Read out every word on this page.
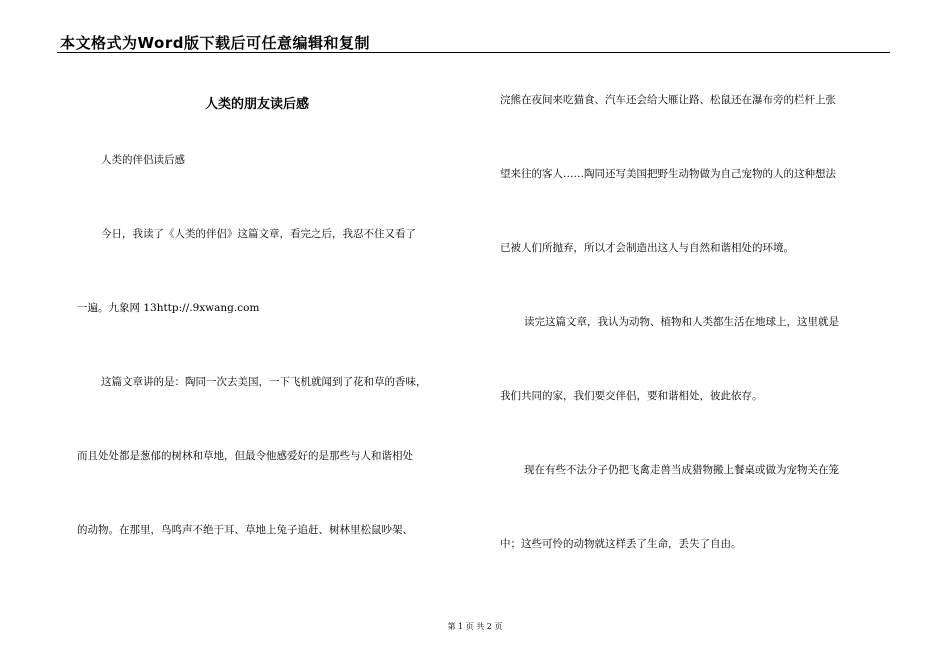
本文格式为Word版下载后可任意编辑和复制
人类的朋友读后感
人类的伴侣读后感
今日，我读了《人类的伴侣》这篇文章，看完之后，我忍不住又看了
一遍。九象网 13http://.9xwang.com
这篇文章讲的是：陶同一次去美国，一下飞机就闻到了花和草的香味，
而且处处都是葱郁的树林和草地，但最令他感爱好的是那些与人和谐相处
的动物。在那里，鸟鸣声不绝于耳、草地上兔子追赶、树林里松鼠吵架、
浣熊在夜间来吃猫食、汽车还会给大雁让路、松鼠还在瀑布旁的栏杆上张
望来往的客人……陶同还写美国把野生动物做为自己宠物的人的这种想法
已被人们所抛弃，所以才会制造出这人与自然和谐相处的环境。
读完这篇文章，我认为动物、植物和人类都生活在地球上，这里就是
我们共同的家，我们要交伴侣，要和谐相处，彼此依存。
现在有些不法分子仍把飞禽走兽当成猎物搬上餐桌或做为宠物关在笼
中；这些可怜的动物就这样丢了生命，丢失了自由。
第 1 页 共 2 页
